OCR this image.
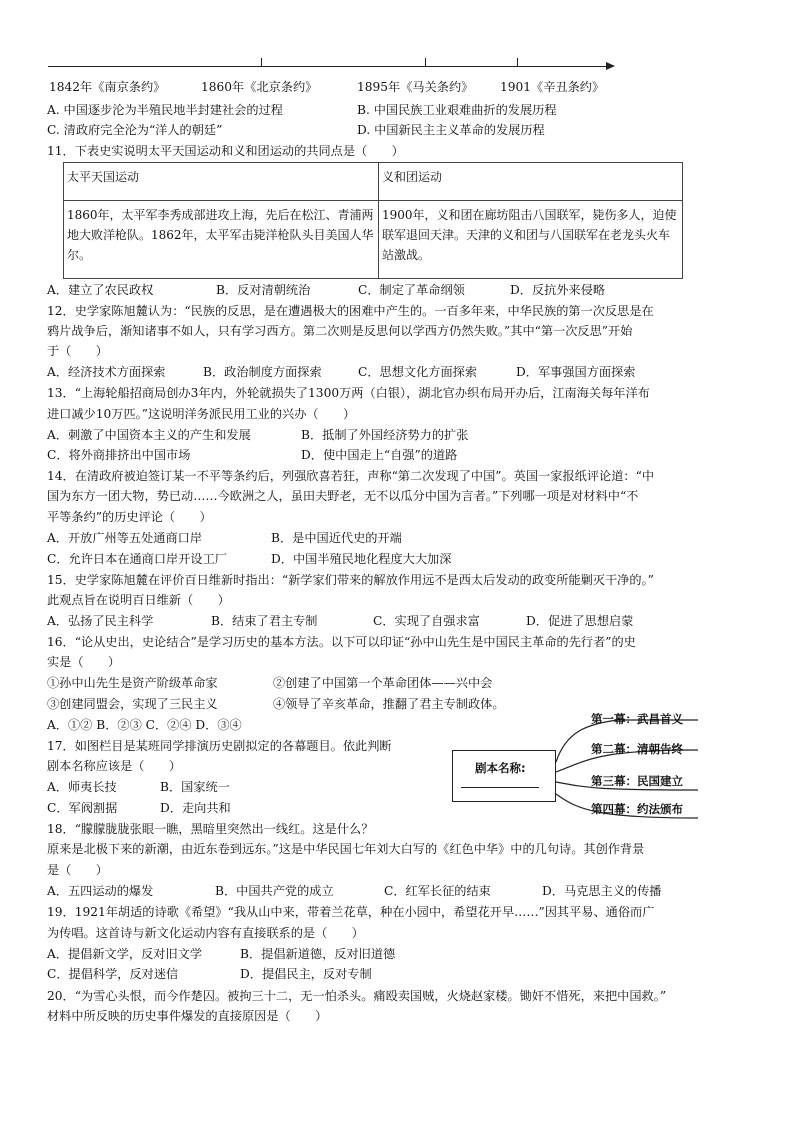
1842年《南京条约》	1860年《北京条约》	1895年《马关条约》 1901《辛丑条约》
A. 中国逐步沦为半殖民地半封建社会的过程	B. 中国民族工业艰难曲折的发展历程
C. 清政府完全沦为“洋人的朝廷”	D. 中国新民主主义革命的发展历程
11．下表史实说明太平天国运动和义和团运动的共同点是（　　）
太平天国运动	义和团运动
1860年，太平军李秀成部进攻上海，先后在松江、青浦两地大败洋枪队。1862年，太平军击毙洋枪队头目美国人华尔。	1900年，义和团在廊坊阻击八国联军，毙伤多人，迫使联军退回天津。天津的义和团与八国联军在老龙头火车站激战。
A．建立了农民政权	B．反对清朝统治	C．制定了革命纲领	D．反抗外来侵略
12．史学家陈旭麓认为：“民族的反思，是在遭遇极大的困难中产生的。一百多年来，中华民族的第一次反思是在
鸦片战争后，渐知诸事不如人，只有学习西方。第二次则是反思何以学西方仍然失败。”其中“第一次反思”开始
于（　　）
A．经济技术方面探索	B．政治制度方面探索	C．思想文化方面探索	D．军事强国方面探索
13．“上海轮船招商局创办3年内，外轮就损失了1300万两（白银），湖北官办织布局开办后，江南海关每年洋布
进口减少10万匹。”这说明洋务派民用工业的兴办（　　）
A．刺激了中国资本主义的产生和发展	B．抵制了外国经济势力的扩张
C．将外商排挤出中国市场	D．使中国走上“自强”的道路
14．在清政府被迫签订某一不平等条约后，列强欣喜若狂，声称“第二次发现了中国”。英国一家报纸评论道：“中
国为东方一团大物，势已动……今欧洲之人，虽田夫野老，无不以瓜分中国为言者。”下列哪一项是对材料中“不
平等条约”的历史评论（　　）
A．开放广州等五处通商口岸	B．是中国近代史的开端
C．允许日本在通商口岸开设工厂	D．中国半殖民地化程度大大加深
15．史学家陈旭麓在评价百日维新时指出：“新学家们带来的解放作用远不是西太后发动的政变所能剿灭干净的。”
此观点旨在说明百日维新（　　）
A．弘扬了民主科学	B．结束了君主专制	C．实现了自强求富	D．促进了思想启蒙
16．“论从史出，史论结合”是学习历史的基本方法。以下可以印证“孙中山先生是中国民主革命的先行者”的史
实是（　　）
①孙中山先生是资产阶级革命家	②创建了中国第一个革命团体——兴中会
③创建同盟会，实现了三民主义	④领导了辛亥革命，推翻了君主专制政体。
A．①② B．②③ C．②④ D．③④
17．如图栏目是某班同学排演历史剧拟定的各幕题目。依此判断
剧本名称应该是（　　）
A．师夷长技	B．国家统一
C．军阀割据	D．走向共和
剧本名称:
第一幕：武昌首义
第二幕：清朝告终
第三幕：民国建立
第四幕：约法颁布
18．“朦朦胧胧张眼一瞧，黑暗里突然出一线红。这是什么？
原来是北极下来的新潮，由近东卷到远东。”这是中华民国七年刘大白写的《红色中华》中的几句诗。其创作背景
是（　　）
A．五四运动的爆发	B．中国共产党的成立	C．红军长征的结束	D．马克思主义的传播
19．1921年胡适的诗歌《希望》“我从山中来，带着兰花草，种在小园中，希望花开早……”因其平易、通俗而广
为传唱。这首诗与新文化运动内容有直接联系的是（　　）
A．提倡新文学，反对旧文学	B．提倡新道德，反对旧道德
C．提倡科学，反对迷信	D．提倡民主，反对专制
20．“为雪心头恨，而今作楚囚。被拘三十二，无一怕杀头。痛殴卖国贼，火烧赵家楼。锄奸不惜死，来把中国救。”
材料中所反映的历史事件爆发的直接原因是（　　）
